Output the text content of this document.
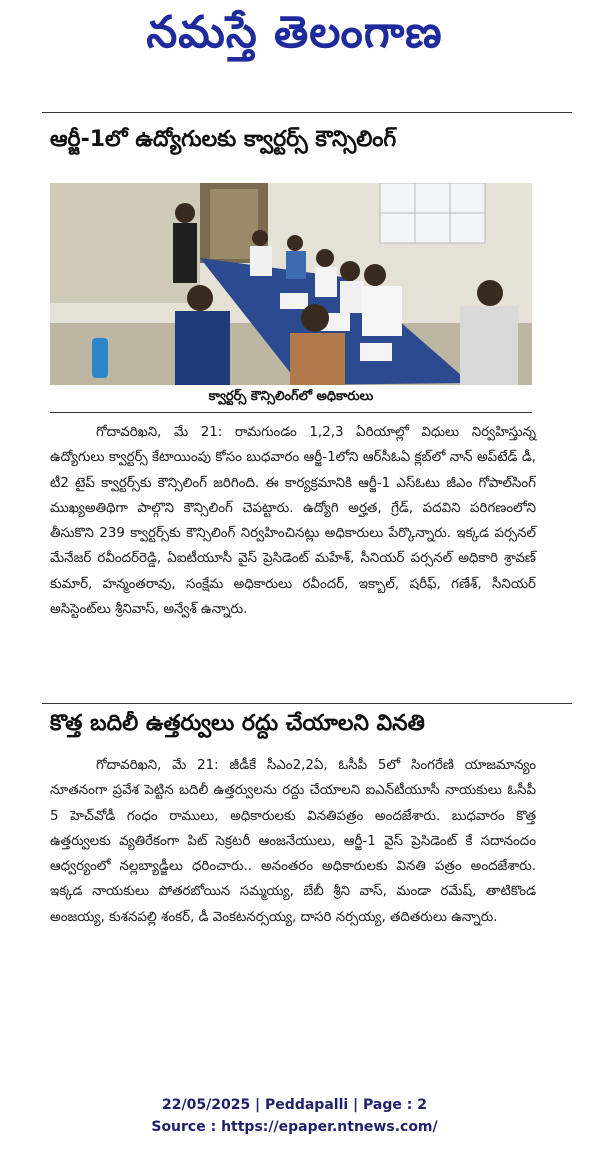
నమస్తే తెలంగాణ
ఆర్జీ-1లో ఉద్యోగులకు క్వార్టర్స్ కౌన్సిలింగ్
క్వార్టర్స్ కౌన్సిలింగ్‌లో అధికారులు
గోదావరిఖని, మే 21: రామగుండం 1,2,3 ఏరియాల్లో విధులు నిర్వహిస్తున్న ఉద్యోగులు క్వార్టర్స్ కేటాయింపు కోసం బుధవారం ఆర్జీ-1లోని ఆర్‌సీఓఏ క్లబ్‌లో నాన్ అప్‌టేడ్ డీ, టీ2 టైప్ క్వార్టర్స్‌కు కౌన్సిలింగ్ జరిగింది. ఈ కార్యక్రమానికి ఆర్జీ-1 ఎస్‌ఓటు జీఎం గోపాల్‌సింగ్ ముఖ్యఅతిథిగా పాల్గొని కౌన్సిలింగ్ చెపట్టారు. ఉద్యోగి అర్హత, గ్రేడ్, పదవిని పరిగణంలోని తీసుకొని 239 క్వార్టర్స్‌కు కౌన్సిలింగ్ నిర్వహించినట్లు అధికారులు పేర్కొన్నారు. ఇక్కడ పర్సనల్ మేనేజర్ రవీందర్‌రెడ్డి, ఏఐటీయూసీ వైస్ ప్రెసిడెంట్ మహేశ్, సీనియర్ పర్సనల్ అధికారి శ్రావణ్ కుమార్, హన్మంతరావు, సంక్షేమ అధికారులు రవీందర్, ఇక్బాల్, షరీఫ్, గణేశ్, సీనియర్ అసిస్టెంట్‌లు శ్రీనివాస్, అన్వేశ్ ఉన్నారు.
కొత్త బదిలీ ఉత్తర్వులు రద్దు చేయాలని వినతి
గోదావరిఖని, మే 21: జీడీకే సీఎం2,2ఏ, ఓసీపీ 5లో సింగరేణి యాజమాన్యం నూతనంగా ప్రవేశ పెట్టిన బదిలీ ఉత్తర్వులను రద్దు చేయాలని ఐఎన్‌టీయూసీ నాయకులు ఓసీపీ 5 హెచ్‌వోడీ గంధం రాములు, అధికారులకు వినతిపత్రం అందజేశారు. బుధవారం కొత్త ఉత్తర్వులకు వ్యతిరేకంగా పిట్ సెక్రటరీ ఆంజనేయులు, ఆర్జీ-1 వైస్ ప్రెసిడెంట్ కే సదానందం ఆధ్వర్యంలో నల్లబ్యాడ్జీలు ధరించారు.. అనంతరం అధికారులకు వినతి పత్రం అందజేశారు. ఇక్కడ నాయకులు పోతరబోయిన సమ్మయ్య, బేబీ శ్రీని వాస్, మండా రమేష్, తాటికొండ అంజయ్య, కుశనపల్లి శంకర్, డీ వెంకటనర్సయ్య, దాసరి నర్సయ్య, తదితరులు ఉన్నారు.
22/05/2025 | Peddapalli | Page : 2
Source : https://epaper.ntnews.com/
